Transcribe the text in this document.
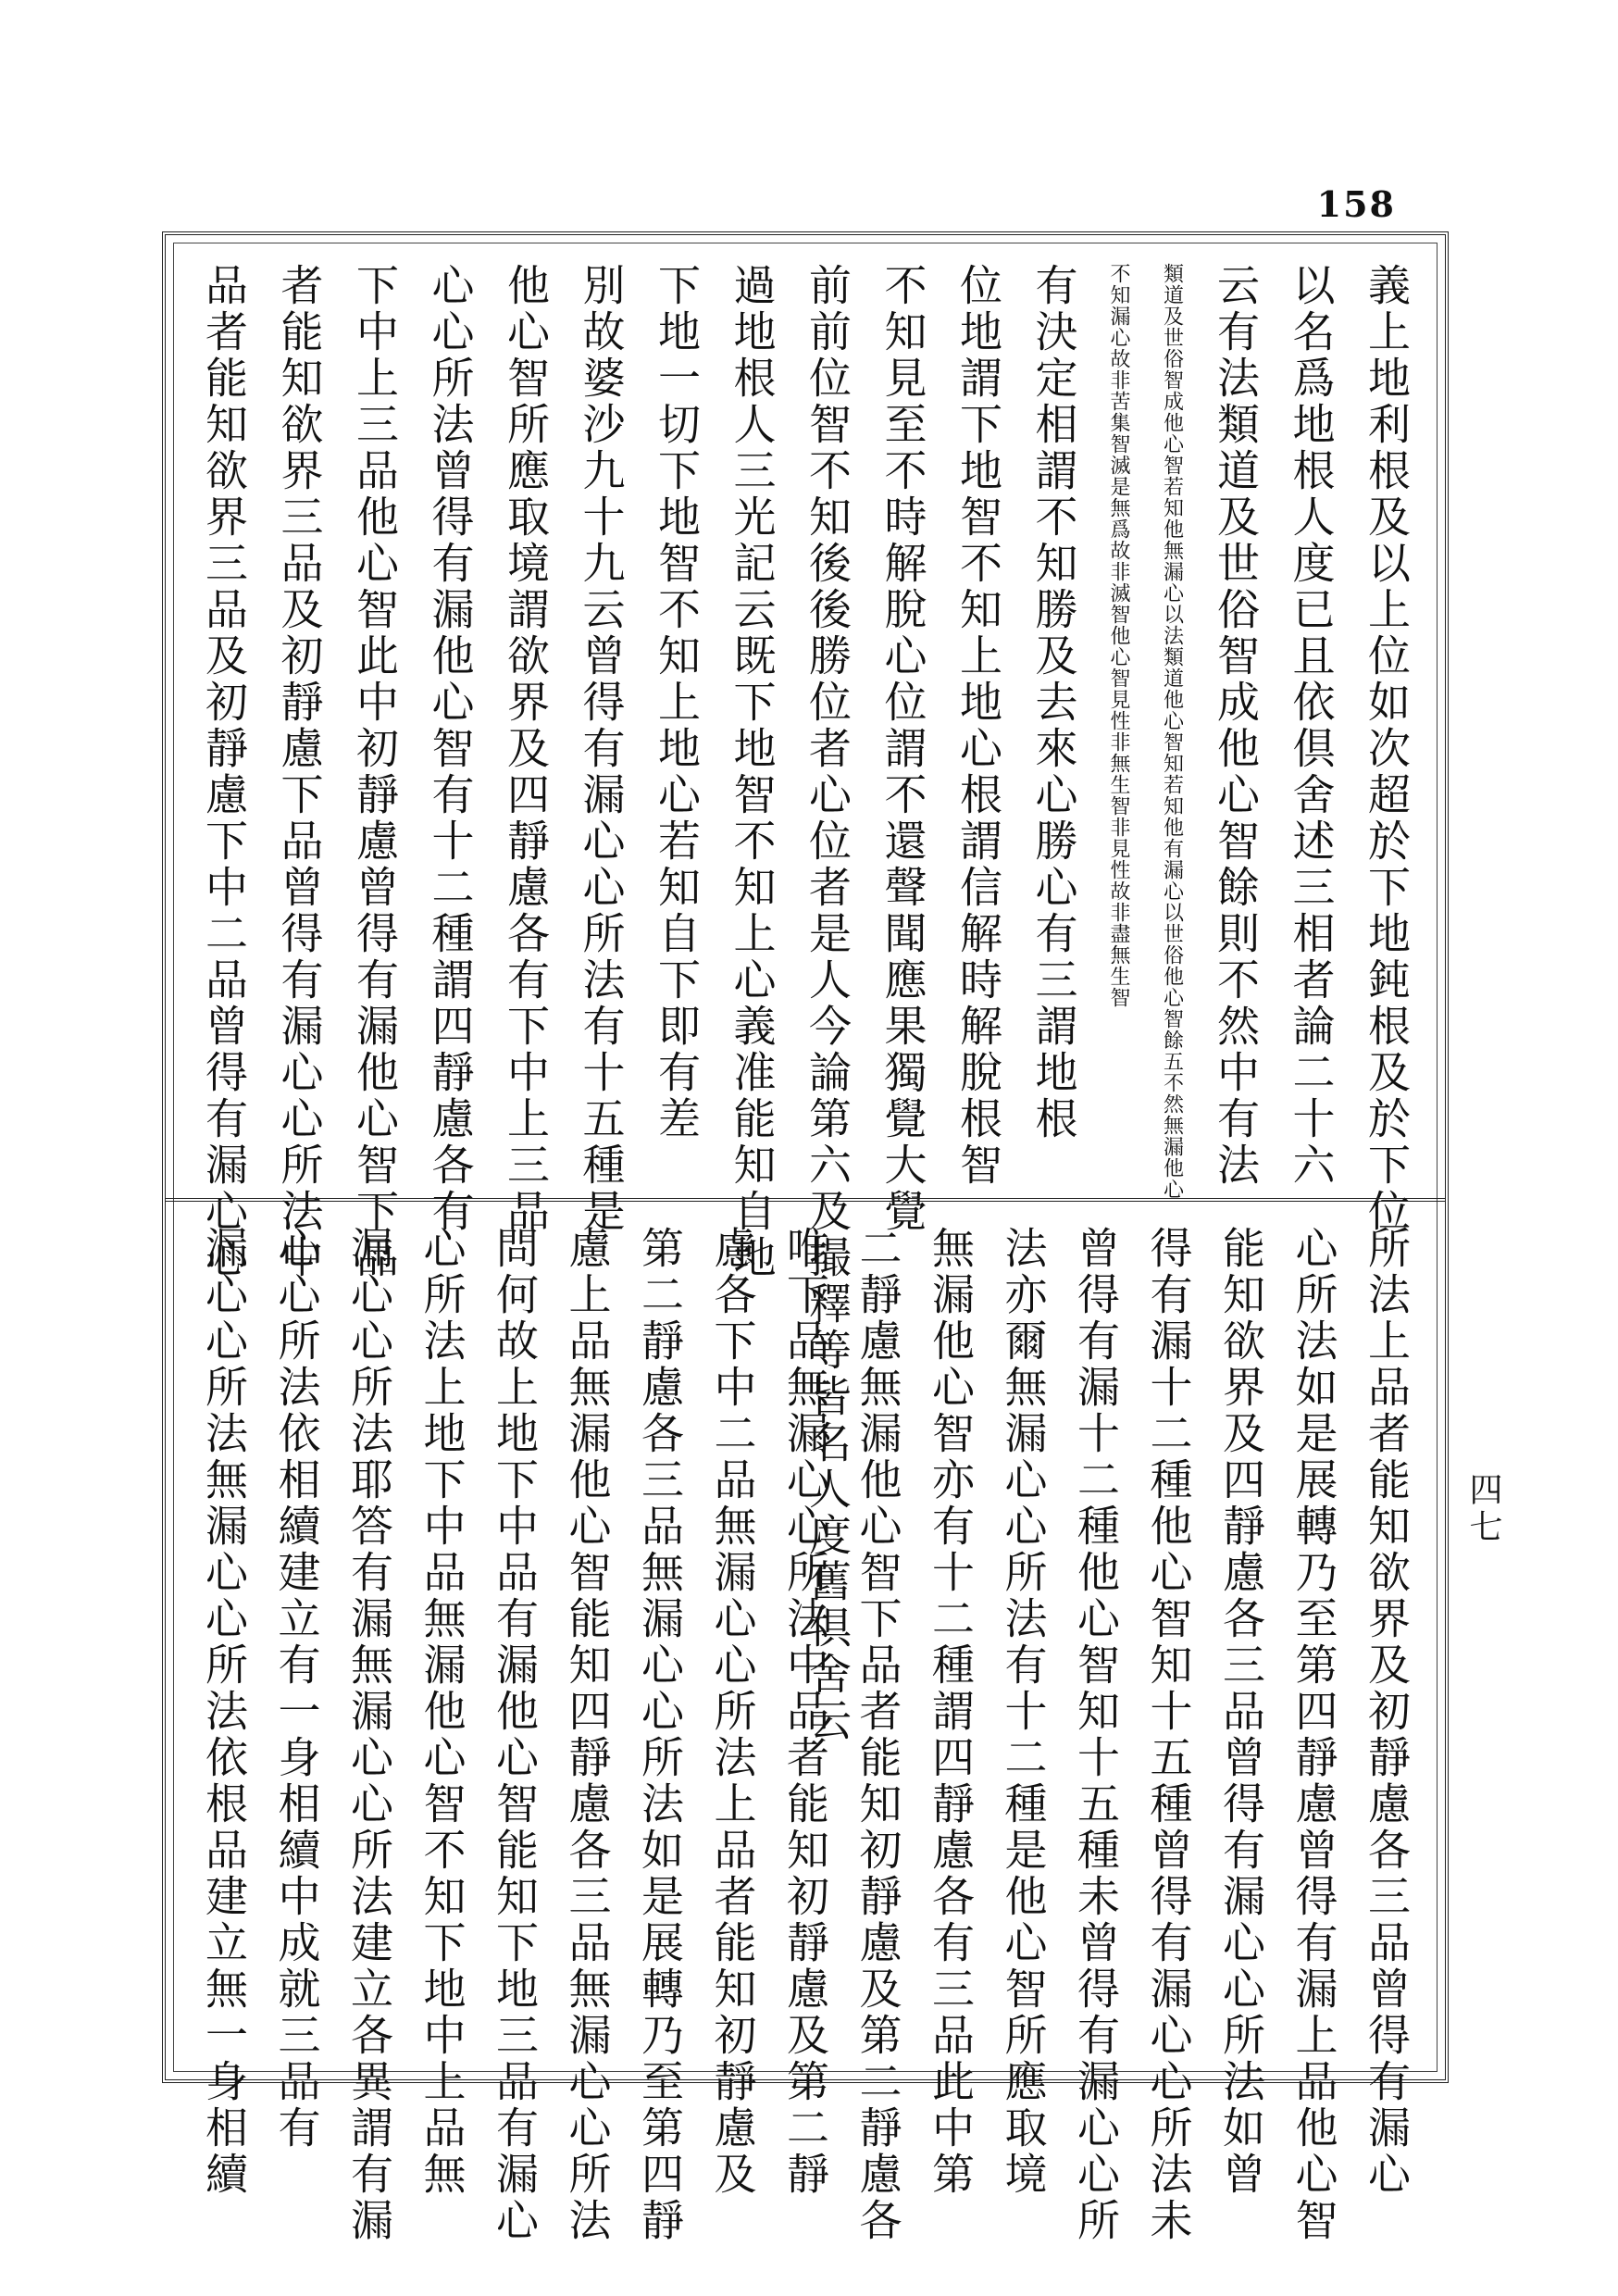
158
義上地利根及以上位如次超於下地鈍根及於下位
以名爲地根人度已且依倶舍述三相者論二十六
云有法類道及世俗智成他心智餘則不然中有法
類道及世俗智成他心智若知他無漏心以法類道他心智知若知他有漏心以世俗他心智餘五不然無漏他心
不知漏心故非苦集智滅是無爲故非滅智他心智見性非無生智非見性故非盡無生智
有決定相謂不知勝及去來心勝心有三謂地根
位地謂下地智不知上地心根謂信解時解脫根智
不知見至不時解脫心位謂不還聲聞應果獨覺大覺
前前位智不知後後勝位者心位者是人今論第六及撮釋等皆名人度舊倶舍云
過地根人三光記云既下地智不知上心義准能知自地
下地一切下地智不知上地心若知自下即有差
別故婆沙九十九云曾得有漏心心所法有十五種是
他心智所應取境謂欲界及四靜慮各有下中上三品
心心所法曾得有漏他心智有十二種謂四靜慮各有
下中上三品他心智此中初靜慮曾得有漏他心智下品
者能知欲界三品及初靜慮下品曾得有漏心心所法中
品者能知欲界三品及初靜慮下中二品曾得有漏心心
所法上品者能知欲界及初靜慮各三品曾得有漏心
心所法如是展轉乃至第四靜慮曾得有漏上品他心智
能知欲界及四靜慮各三品曾得有漏心心所法如曾
得有漏十二種他心智知十五種曾得有漏心心所法未
曾得有漏十二種他心智知十五種未曾得有漏心心所
法亦爾無漏心心所法有十二種是他心智所應取境
無漏他心智亦有十二種謂四靜慮各有三品此中第
二靜慮無漏他心智下品者能知初靜慮及第二靜慮各
唯下品無漏心心所法中品者能知初靜慮及第二靜
慮各下中二品無漏心心所法上品者能知初靜慮及
第二靜慮各三品無漏心心所法如是展轉乃至第四靜
慮上品無漏他心智能知四靜慮各三品無漏心心所法
問何故上地下中品有漏他心智能知下地三品有漏心
心所法上地下中品無漏他心智不知下地中上品無
漏心心所法耶答有漏無漏心心所法建立各異謂有漏
心心所法依相續建立有一身相續中成就三品有
漏心心所法無漏心心所法依根品建立無一身相續	四七
